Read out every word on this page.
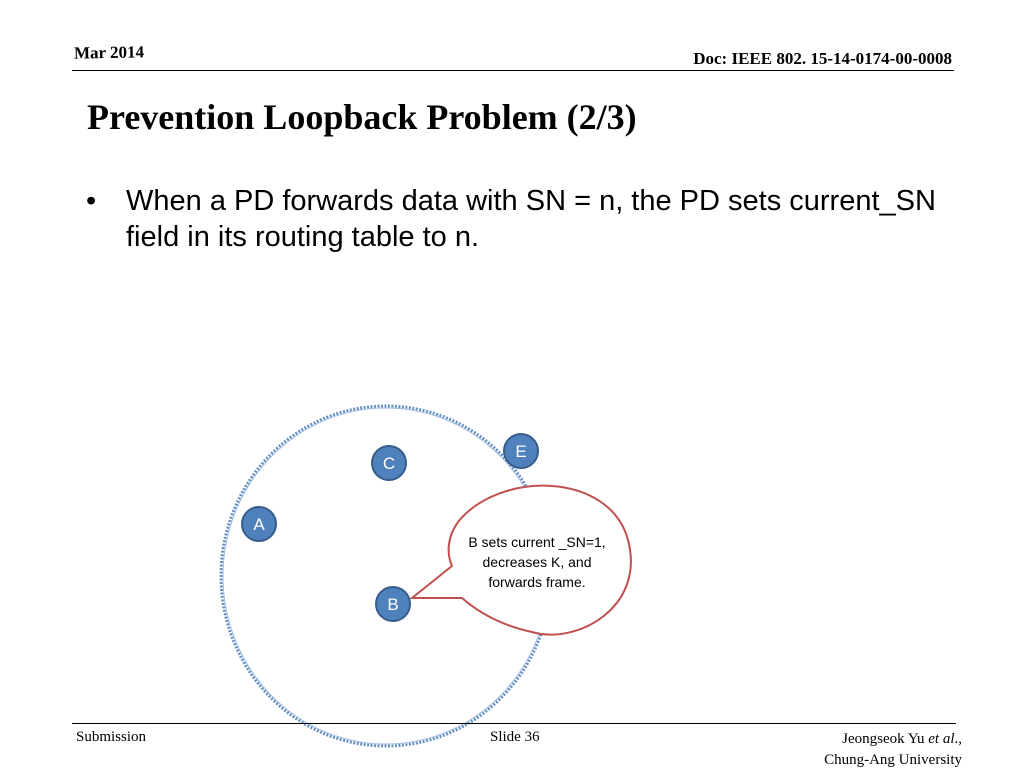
Mar 2014	Doc: IEEE 802. 15-14-0174-00-0008
Prevention Loopback Problem (2/3)
• When a PD forwards data with SN = n, the PD sets current_SN field in its routing table to n.
B sets current _SN=1,
decreases K, and
forwards frame.
C
E
A
B
Submission	Slide 36	Jeongseok Yu et al.,
Chung-Ang University
